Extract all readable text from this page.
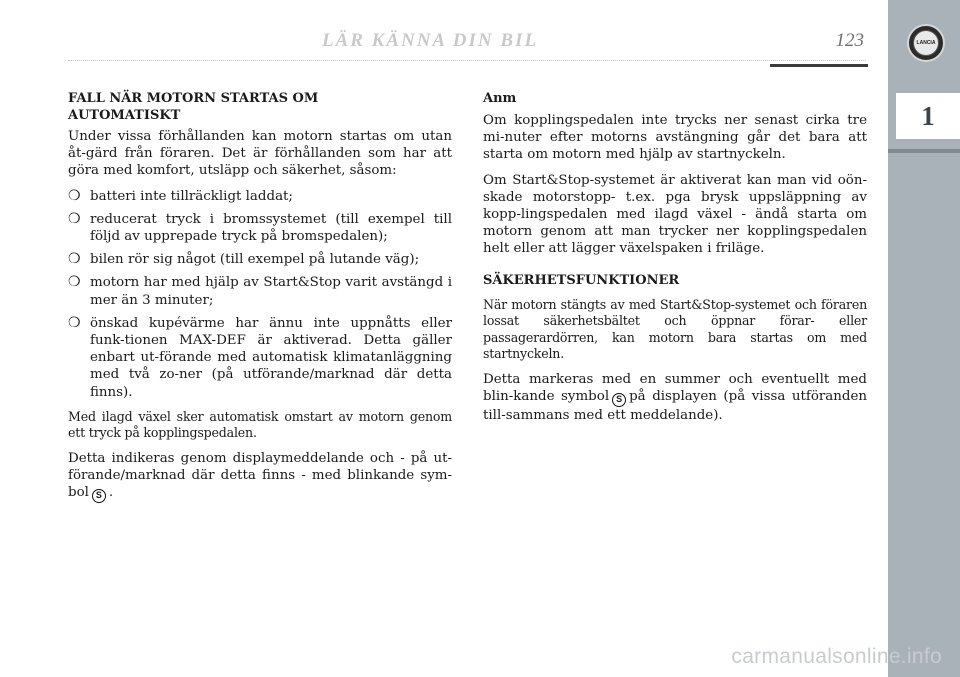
LÄR KÄNNA DIN BIL	123	LANCIA
1
FALL NÄR MOTORN STARTAS OM
AUTOMATISKT

Under vissa förhållanden kan motorn startas om utan åt-gärd från föraren. Det är förhållanden som har att göra med komfort, utsläpp och säkerhet, såsom:

❍ batteri inte tillräckligt laddat;
❍ reducerat tryck i bromssystemet (till exempel till följd av upprepade tryck på bromspedalen);
❍ bilen rör sig något (till exempel på lutande väg);
❍ motorn har med hjälp av Start&Stop varit avstängd i mer än 3 minuter;
❍ önskad kupévärme har ännu inte uppnåtts eller funk-tionen MAX-DEF är aktiverad. Detta gäller enbart ut-förande med automatisk klimatanläggning med två zo-ner (på utförande/marknad där detta finns).

Med ilagd växel sker automatisk omstart av motorn genom ett tryck på kopplingspedalen.

Detta indikeras genom displaymeddelande och - på ut-förande/marknad där detta finns - med blinkande sym-bol S .

Anm

Om kopplingspedalen inte trycks ner senast cirka tre mi-nuter efter motorns avstängning går det bara att starta om motorn med hjälp av startnyckeln.

Om Start&Stop-systemet är aktiverat kan man vid oön-skade motorstopp- t.ex. pga brysk uppsläppning av kopp-lingspedalen med ilagd växel - ändå starta om motorn genom att man trycker ner kopplingspedalen helt eller att lägger växelspaken i friläge.

SÄKERHETSFUNKTIONER

När motorn stängts av med Start&Stop-systemet och föraren lossat säkerhetsbältet och öppnar förar- eller passagerardörren, kan motorn bara startas om med startnyckeln.

Detta markeras med en summer och eventuellt med blin-kande symbol S på displayen (på vissa utföranden till-sammans med ett meddelande).

carmanualsonline.info
